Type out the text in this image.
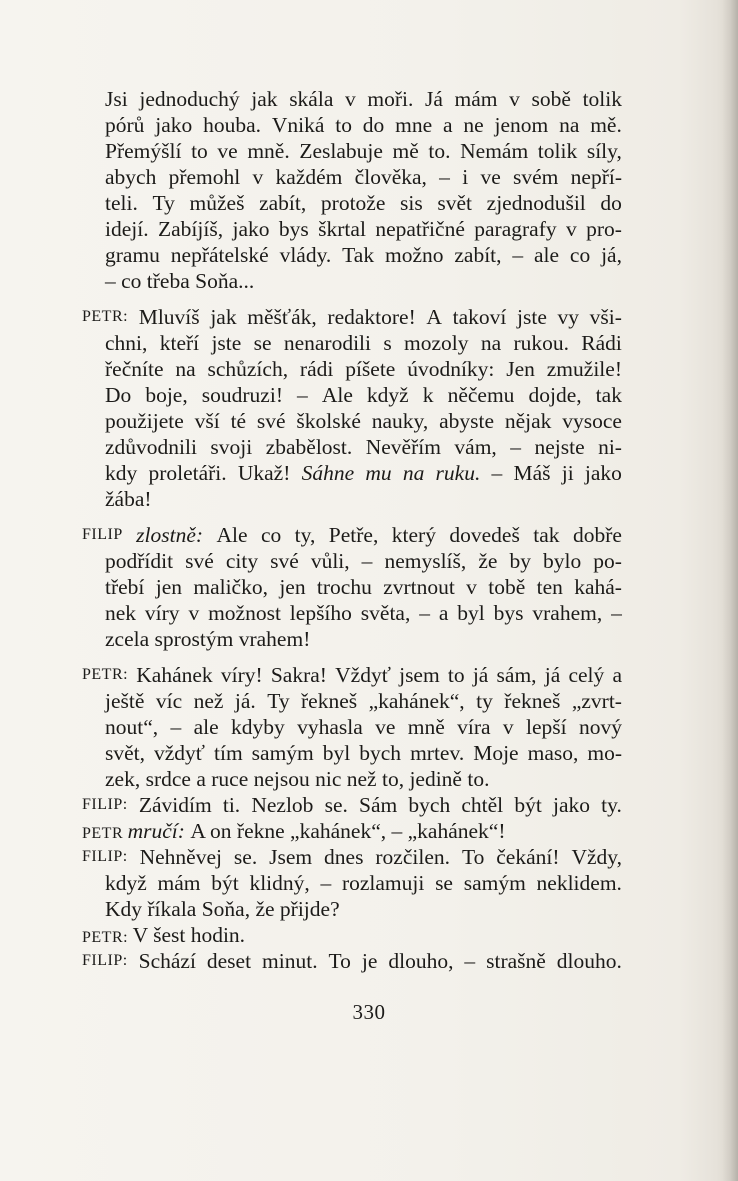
Jsi jednoduchý jak skála v moři. Já mám v sobě tolik
pórů jako houba. Vniká to do mne a ne jenom na mě.
Přemýšlí to ve mně. Zeslabuje mě to. Nemám tolik síly,
abych přemohl v každém člověka, – i ve svém nepří-
teli. Ty můžeš zabít, protože sis svět zjednodušil do
idejí. Zabíjíš, jako bys škrtal nepatřičné paragrafy v pro-
gramu nepřátelské vlády. Tak možno zabít, – ale co já,
– co třeba Soňa...
PETR: Mluvíš jak měšťák, redaktore! A takoví jste vy vši-
chni, kteří jste se nenarodili s mozoly na rukou. Rádi
řečníte na schůzích, rádi píšete úvodníky: Jen zmužile!
Do boje, soudruzi! – Ale když k něčemu dojde, tak
použijete vší té své školské nauky, abyste nějak vysoce
zdůvodnili svoji zbabělost. Nevěřím vám, – nejste ni-
kdy proletáři. Ukaž! Sáhne mu na ruku. – Máš ji jako
žába!
FILIP zlostně: Ale co ty, Petře, který dovedeš tak dobře
podřídit své city své vůli, – nemyslíš, že by bylo po-
třebí jen maličko, jen trochu zvrtnout v tobě ten kahá-
nek víry v možnost lepšího světa, – a byl bys vrahem, –
zcela sprostým vrahem!
PETR: Kahánek víry! Sakra! Vždyť jsem to já sám, já celý a
ještě víc než já. Ty řekneš „kahánek“, ty řekneš „zvrt-
nout“, – ale kdyby vyhasla ve mně víra v lepší nový
svět, vždyť tím samým byl bych mrtev. Moje maso, mo-
zek, srdce a ruce nejsou nic než to, jedině to.
FILIP: Závidím ti. Nezlob se. Sám bych chtěl být jako ty.
PETR mručí: A on řekne „kahánek“, – „kahánek“!
FILIP: Nehněvej se. Jsem dnes rozčilen. To čekání! Vždy,
když mám být klidný, – rozlamuji se samým neklidem.
Kdy říkala Soňa, že přijde?
PETR: V šest hodin.
FILIP: Schází deset minut. To je dlouho, – strašně dlouho.
330
